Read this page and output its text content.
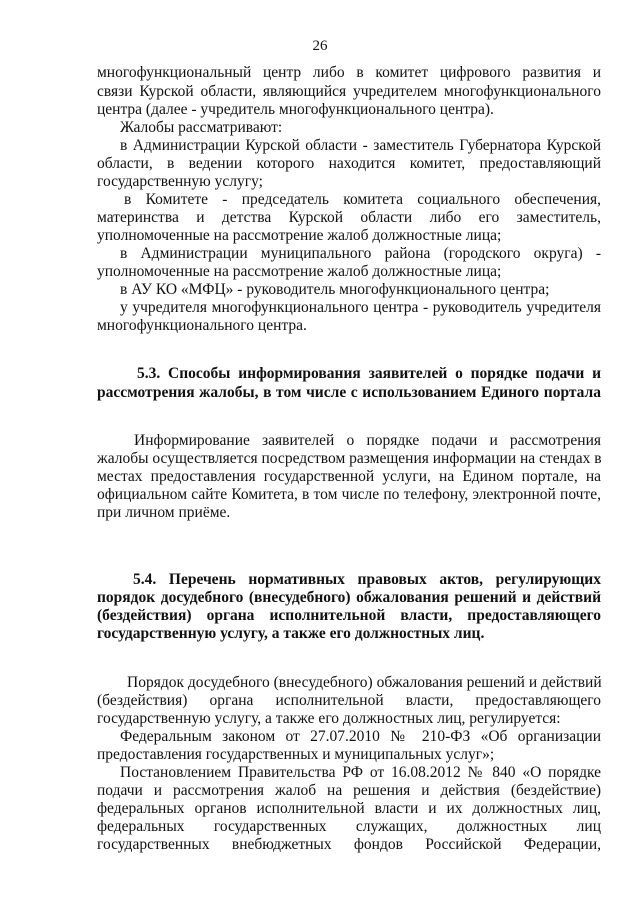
26
многофункциональный центр либо в комитет цифрового развития и
связи Курской области, являющийся учредителем многофункционального
центра (далее - учредитель многофункционального центра).
Жалобы рассматривают:
в Администрации Курской области - заместитель Губернатора Курской
области, в ведении которого находится комитет, предоставляющий
государственную услугу;
в Комитете - председатель комитета социального обеспечения,
материнства и детства Курской области либо его заместитель,
уполномоченные на рассмотрение жалоб должностные лица;
в Администрации муниципального района (городского округа) -
уполномоченные на рассмотрение жалоб должностные лица;
в АУ КО «МФЦ» - руководитель многофункционального центра;
у учредителя многофункционального центра - руководитель учредителя
многофункционального центра.
5.3. Способы информирования заявителей о порядке подачи и
рассмотрения жалобы, в том числе с использованием Единого портала
Информирование заявителей о порядке подачи и рассмотрения
жалобы осуществляется посредством размещения информации на стендах в
местах предоставления государственной услуги, на Едином портале, на
официальном сайте Комитета, в том числе по телефону, электронной почте,
при личном приёме.
5.4. Перечень нормативных правовых актов, регулирующих
порядок досудебного (внесудебного) обжалования решений и действий
(бездействия) органа исполнительной власти, предоставляющего
государственную услугу, а также его должностных лиц.
Порядок досудебного (внесудебного) обжалования решений и действий
(бездействия) органа исполнительной власти, предоставляющего
государственную услугу, а также его должностных лиц, регулируется:
Федеральным законом от 27.07.2010 № 210-ФЗ «Об организации
предоставления государственных и муниципальных услуг»;
Постановлением Правительства РФ от 16.08.2012 № 840 «О порядке
подачи и рассмотрения жалоб на решения и действия (бездействие)
федеральных органов исполнительной власти и их должностных лиц,
федеральных государственных служащих, должностных лиц
государственных внебюджетных фондов Российской Федерации,
